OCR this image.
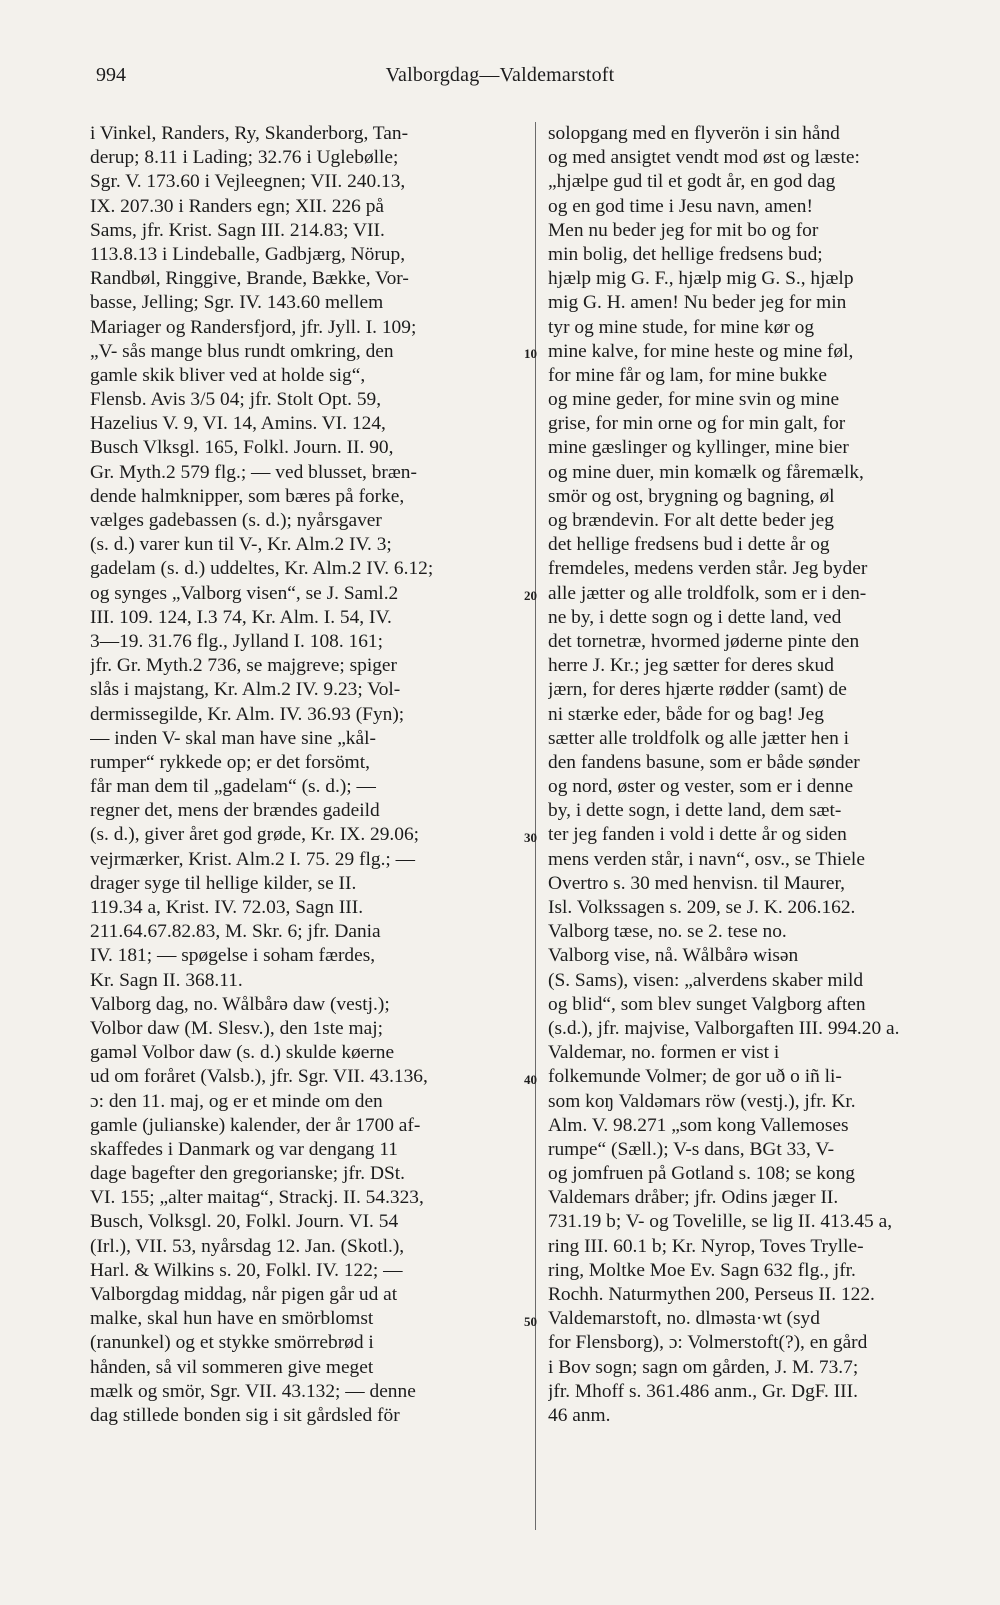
994	Valborgdag—Valdemarstoft
i Vinkel, Randers, Ry, Skanderborg, Tan-
derup; 8.11 i Lading; 32.76 i Uglebølle;
Sgr. V. 173.60 i Vejleegnen; VII. 240.13,
IX. 207.30 i Randers egn; XII. 226 på
Sams, jfr. Krist. Sagn III. 214.83; VII.
113.8.13 i Lindeballe, Gadbjærg, Nörup,
Randbøl, Ringgive, Brande, Bække, Vor-
basse, Jelling; Sgr. IV. 143.60 mellem
Mariager og Randersfjord, jfr. Jyll. I. 109;
„V- sås mange blus rundt omkring, den
gamle skik bliver ved at holde sig“,
Flensb. Avis 3/5 04; jfr. Stolt Opt. 59,
Hazelius V. 9, VI. 14, Amins. VI. 124,
Busch Vlksgl. 165, Folkl. Journ. II. 90,
Gr. Myth.2 579 flg.; — ved blusset, bræn-
dende halmknipper, som bæres på forke,
vælges gadebassen (s. d.); nyårsgaver
(s. d.) varer kun til V-, Kr. Alm.2 IV. 3;
gadelam (s. d.) uddeltes, Kr. Alm.2 IV. 6.12;
og synges „Valborg visen“, se J. Saml.2
III. 109. 124, I.3 74, Kr. Alm. I. 54, IV.
3—19. 31.76 flg., Jylland I. 108. 161;
jfr. Gr. Myth.2 736, se majgreve; spiger
slås i majstang, Kr. Alm.2 IV. 9.23; Vol-
dermissegilde, Kr. Alm. IV. 36.93 (Fyn);
— inden V- skal man have sine „kål-
rumper“ rykkede op; er det forsömt,
får man dem til „gadelam“ (s. d.); —
regner det, mens der brændes gadeild
(s. d.), giver året god grøde, Kr. IX. 29.06;
vejrmærker, Krist. Alm.2 I. 75. 29 flg.; —
drager syge til hellige kilder, se II.
119.34 a, Krist. IV. 72.03, Sagn III.
211.64.67.82.83, M. Skr. 6; jfr. Dania
IV. 181; — spøgelse i soham færdes,
Kr. Sagn II. 368.11.
Valborg dag, no. Wålbårə daw (vestj.);
Volbor daw (M. Slesv.), den 1ste maj;
gaməl Volbor daw (s. d.) skulde køerne
ud om foråret (Valsb.), jfr. Sgr. VII. 43.136,
ɔ: den 11. maj, og er et minde om den
gamle (julianske) kalender, der år 1700 af-
skaffedes i Danmark og var dengang 11
dage bagefter den gregorianske; jfr. DSt.
VI. 155; „alter maitag“, Strackj. II. 54.323,
Busch, Volksgl. 20, Folkl. Journ. VI. 54
(Irl.), VII. 53, nyårsdag 12. Jan. (Skotl.),
Harl. & Wilkins s. 20, Folkl. IV. 122; —
Valborgdag middag, når pigen går ud at
malke, skal hun have en smörblomst
(ranunkel) og et stykke smörrebrød i
hånden, så vil sommeren give meget
mælk og smör, Sgr. VII. 43.132; — denne
dag stillede bonden sig i sit gårdsled för
solopgang med en flyverön i sin hånd
og med ansigtet vendt mod øst og læste:
„hjælpe gud til et godt år, en god dag
og en god time i Jesu navn, amen!
Men nu beder jeg for mit bo og for
min bolig, det hellige fredsens bud;
hjælp mig G. F., hjælp mig G. S., hjælp
mig G. H. amen! Nu beder jeg for min
tyr og mine stude, for mine kør og
mine kalve, for mine heste og mine føl,
for mine får og lam, for mine bukke
og mine geder, for mine svin og mine
grise, for min orne og for min galt, for
mine gæslinger og kyllinger, mine bier
og mine duer, min komælk og fåremælk,
smör og ost, brygning og bagning, øl
og brændevin. For alt dette beder jeg
det hellige fredsens bud i dette år og
fremdeles, medens verden står. Jeg byder
alle jætter og alle troldfolk, som er i den-
ne by, i dette sogn og i dette land, ved
det tornetræ, hvormed jøderne pinte den
herre J. Kr.; jeg sætter for deres skud
jærn, for deres hjærte rødder (samt) de
ni stærke eder, både for og bag! Jeg
sætter alle troldfolk og alle jætter hen i
den fandens basune, som er både sønder
og nord, øster og vester, som er i denne
by, i dette sogn, i dette land, dem sæt-
ter jeg fanden i vold i dette år og siden
mens verden står, i navn“, osv., se Thiele
Overtro s. 30 med henvisn. til Maurer,
Isl. Volkssagen s. 209, se J. K. 206.162.
Valborg tæse, no. se 2. tese no.
Valborg vise, nå. Wålbårə wisən
(S. Sams), visen: „alverdens skaber mild
og blid“, som blev sunget Valgborg aften
(s.d.), jfr. majvise, Valborgaften III. 994.20 a.
Valdemar, no. formen er vist i
folkemunde Volmer; de gor uð o iñ li-
som koŋ Valdəmars röw (vestj.), jfr. Kr.
Alm. V. 98.271 „som kong Vallemoses
rumpe“ (Sæll.); V-s dans, BGt 33, V-
og jomfruen på Gotland s. 108; se kong
Valdemars dråber; jfr. Odins jæger II.
731.19 b; V- og Tovelille, se lig II. 413.45 a,
ring III. 60.1 b; Kr. Nyrop, Toves Trylle-
ring, Moltke Moe Ev. Sagn 632 flg., jfr.
Rochh. Naturmythen 200, Perseus II. 122.
Valdemarstoft, no. dlməsta·wt (syd
for Flensborg), ɔ: Volmerstoft(?), en gård
i Bov sogn; sagn om gården, J. M. 73.7;
jfr. Mhoff s. 361.486 anm., Gr. DgF. III.
46 anm.
10
20
30
40
50
